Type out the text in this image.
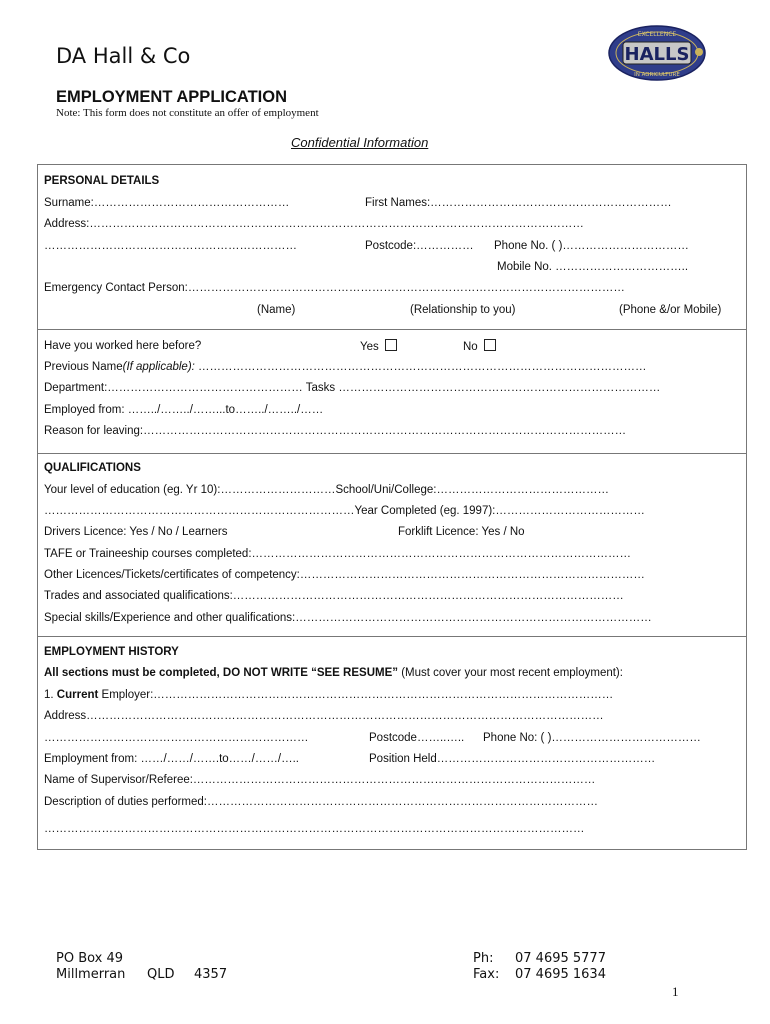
DA Hall & Co	HALLS
EXCELLENCE
IN AGRICULTURE
EMPLOYMENT APPLICATION
Note: This form does not constitute an offer of employment
Confidential Information
PERSONAL DETAILS
Surname:……………………………………………	First Names:………………………………………………………
Address:…………………………………………………………………………………………………………………
…………………………………………………………	Postcode:…………… Phone No. ( )……………………………
Mobile No. ……………………………..
Emergency Contact Person:……………………………………………………………………………………………………
(Name)	(Relationship to you)	(Phone &/or Mobile)
Have you worked here before?	Yes	No
Previous Name(If applicable): ………………………………………………………………………………………………………
Department:…………………………………………… Tasks …………………………………………………………………………
Employed from: ……../……../……...to……../……../……
Reason for leaving:………………………………………………………………………………………………………………
QUALIFICATIONS
Your level of education (eg. Yr 10):…………………………School/Uni/College:………………………………………
………………………………………………………………………Year Completed (eg. 1997):…………………………………
Drivers Licence: Yes / No / Learners	Forklift Licence: Yes / No
TAFE or Traineeship courses completed:………………………………………………………………………………………
Other Licences/Tickets/certificates of competency:………………………………………………………………………………
Trades and associated qualifications:…………………………………………………………………………………………
Special skills/Experience and other qualifications:…………………………………………………………………………………
EMPLOYMENT HISTORY
All sections must be completed, DO NOT WRITE “SEE RESUME” (Must cover your most recent employment):
1. Current Employer:…………………………………………………………………………………………………………
Address………………………………………………………………………………………………………………………
……………………………………………………………	Postcode……..….. Phone No: ( )…………………………………
Employment from: ……/……/…….to……/……/…..	Position Held…………………………………………………
Name of Supervisor/Referee:……………………………………………………………………………………………
Description of duties performed:…………………………………………………………………………………………
……………………………………………………………………………………………………………………………
PO Box 49
Millmerran QLD 4357
Ph: 07 4695 5777
Fax: 07 4695 1634
1
